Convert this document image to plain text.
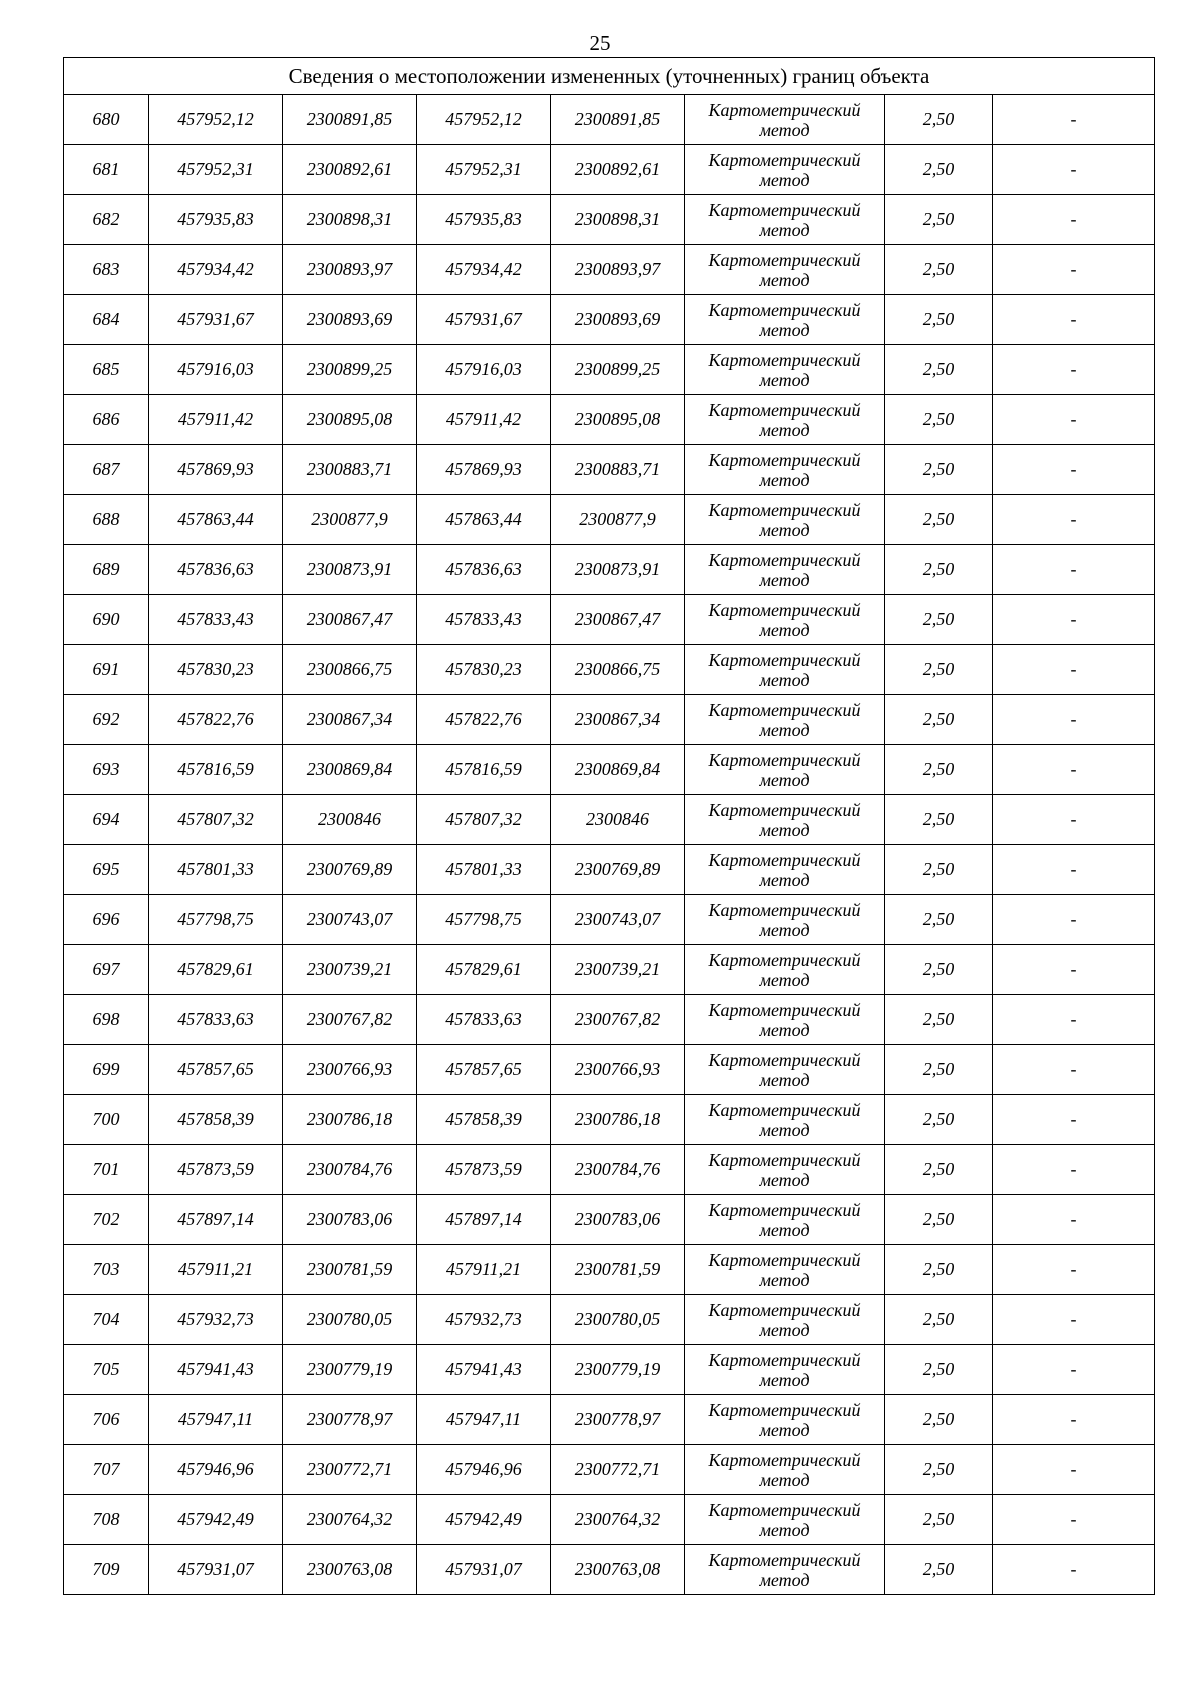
25
Сведения о местоположении измененных (уточненных) границ объекта							
680	457952,12	2300891,85	457952,12	2300891,85	Картометрический метод	2,50	-
681	457952,31	2300892,61	457952,31	2300892,61	Картометрический метод	2,50	-
682	457935,83	2300898,31	457935,83	2300898,31	Картометрический метод	2,50	-
683	457934,42	2300893,97	457934,42	2300893,97	Картометрический метод	2,50	-
684	457931,67	2300893,69	457931,67	2300893,69	Картометрический метод	2,50	-
685	457916,03	2300899,25	457916,03	2300899,25	Картометрический метод	2,50	-
686	457911,42	2300895,08	457911,42	2300895,08	Картометрический метод	2,50	-
687	457869,93	2300883,71	457869,93	2300883,71	Картометрический метод	2,50	-
688	457863,44	2300877,9	457863,44	2300877,9	Картометрический метод	2,50	-
689	457836,63	2300873,91	457836,63	2300873,91	Картометрический метод	2,50	-
690	457833,43	2300867,47	457833,43	2300867,47	Картометрический метод	2,50	-
691	457830,23	2300866,75	457830,23	2300866,75	Картометрический метод	2,50	-
692	457822,76	2300867,34	457822,76	2300867,34	Картометрический метод	2,50	-
693	457816,59	2300869,84	457816,59	2300869,84	Картометрический метод	2,50	-
694	457807,32	2300846	457807,32	2300846	Картометрический метод	2,50	-
695	457801,33	2300769,89	457801,33	2300769,89	Картометрический метод	2,50	-
696	457798,75	2300743,07	457798,75	2300743,07	Картометрический метод	2,50	-
697	457829,61	2300739,21	457829,61	2300739,21	Картометрический метод	2,50	-
698	457833,63	2300767,82	457833,63	2300767,82	Картометрический метод	2,50	-
699	457857,65	2300766,93	457857,65	2300766,93	Картометрический метод	2,50	-
700	457858,39	2300786,18	457858,39	2300786,18	Картометрический метод	2,50	-
701	457873,59	2300784,76	457873,59	2300784,76	Картометрический метод	2,50	-
702	457897,14	2300783,06	457897,14	2300783,06	Картометрический метод	2,50	-
703	457911,21	2300781,59	457911,21	2300781,59	Картометрический метод	2,50	-
704	457932,73	2300780,05	457932,73	2300780,05	Картометрический метод	2,50	-
705	457941,43	2300779,19	457941,43	2300779,19	Картометрический метод	2,50	-
706	457947,11	2300778,97	457947,11	2300778,97	Картометрический метод	2,50	-
707	457946,96	2300772,71	457946,96	2300772,71	Картометрический метод	2,50	-
708	457942,49	2300764,32	457942,49	2300764,32	Картометрический метод	2,50	-
709	457931,07	2300763,08	457931,07	2300763,08	Картометрический метод	2,50	-
